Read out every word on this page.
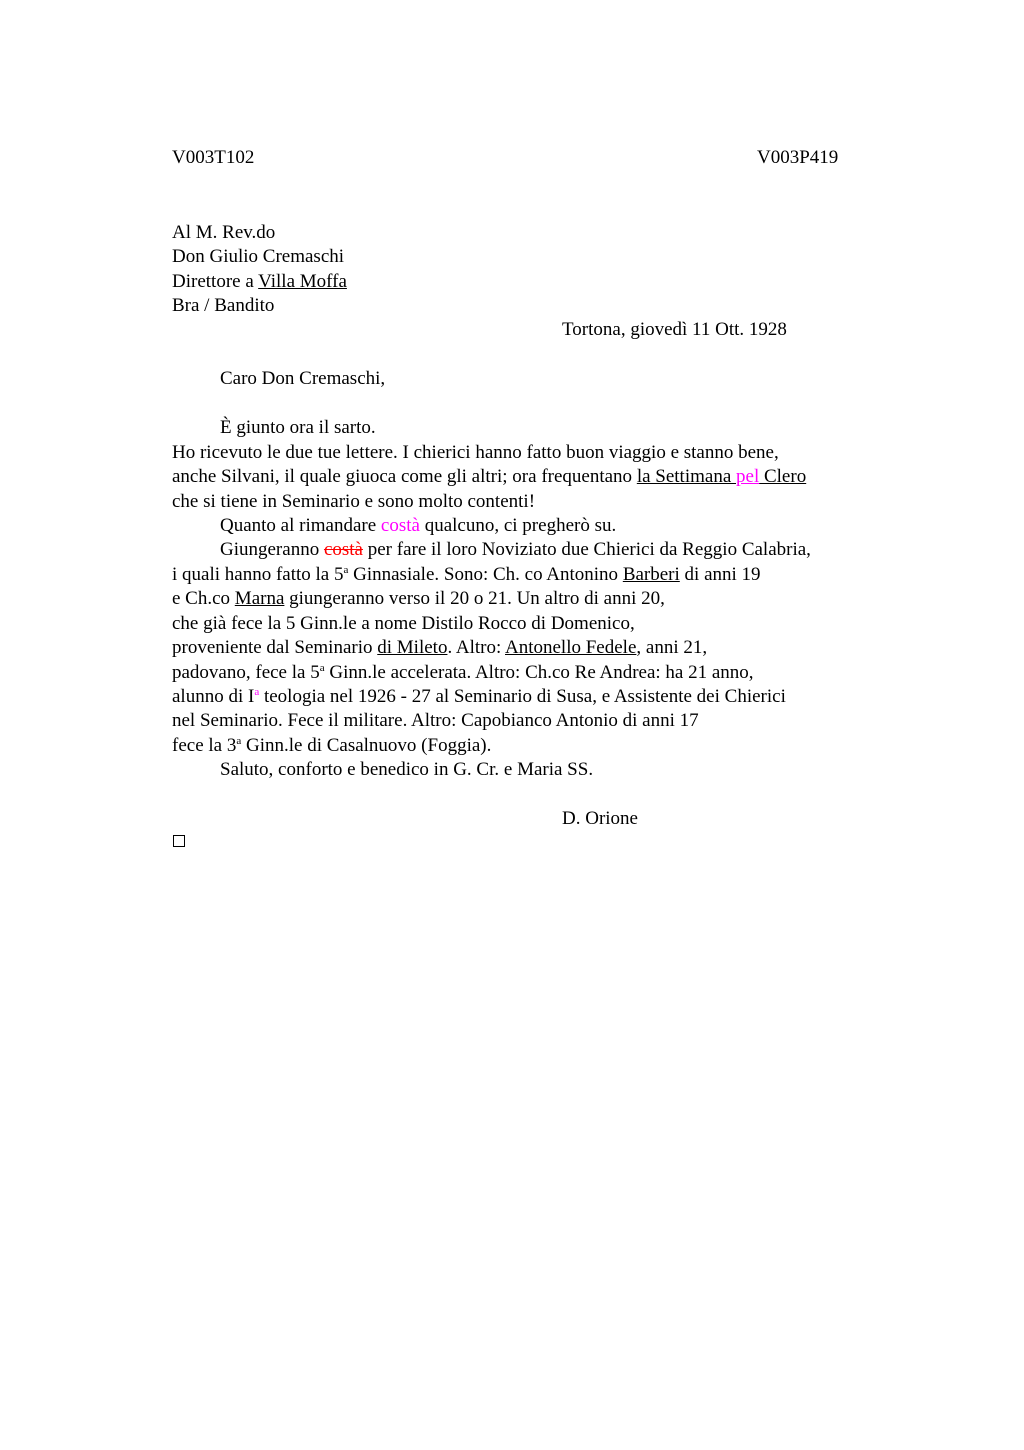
V003T102	V003P419
Al M. Rev.do
Don Giulio Cremaschi
Direttore a Villa Moffa
Bra / Bandito
Tortona, giovedì 11 Ott. 1928
Caro Don Cremaschi,
È giunto ora il sarto.
Ho ricevuto le due tue lettere. I chierici hanno fatto buon viaggio e stanno bene,
anche Silvani, il quale giuoca come gli altri; ora frequentano la Settimana pel Clero
che si tiene in Seminario e sono molto contenti!
Quanto al rimandare costà qualcuno, ci pregherò su.
Giungeranno costà per fare il loro Noviziato due Chierici da Reggio Calabria,
i quali hanno fatto la 5$^a$ Ginnasiale. Sono: Ch. co Antonino Barberi di anni 19
e Ch.co Marna giungeranno verso il 20 o 21. Un altro di anni 20,
che già fece la 5 Ginn.le a nome Distilo Rocco di Domenico,
proveniente dal Seminario di Mileto. Altro: Antonello Fedele, anni 21,
padovano, fece la 5$^a$ Ginn.le accelerata. Altro: Ch.co Re Andrea: ha 21 anno,
alunno di $I^a$ teologia nel 1926 - 27 al Seminario di Susa, e Assistente dei Chierici
nel Seminario. Fece il militare. Altro: Capobianco Antonio di anni 17
fece la 3$^a$ Ginn.le di Casalnuovo (Foggia).
Saluto, conforto e benedico in G. Cr. e Maria SS.
D. Orione
